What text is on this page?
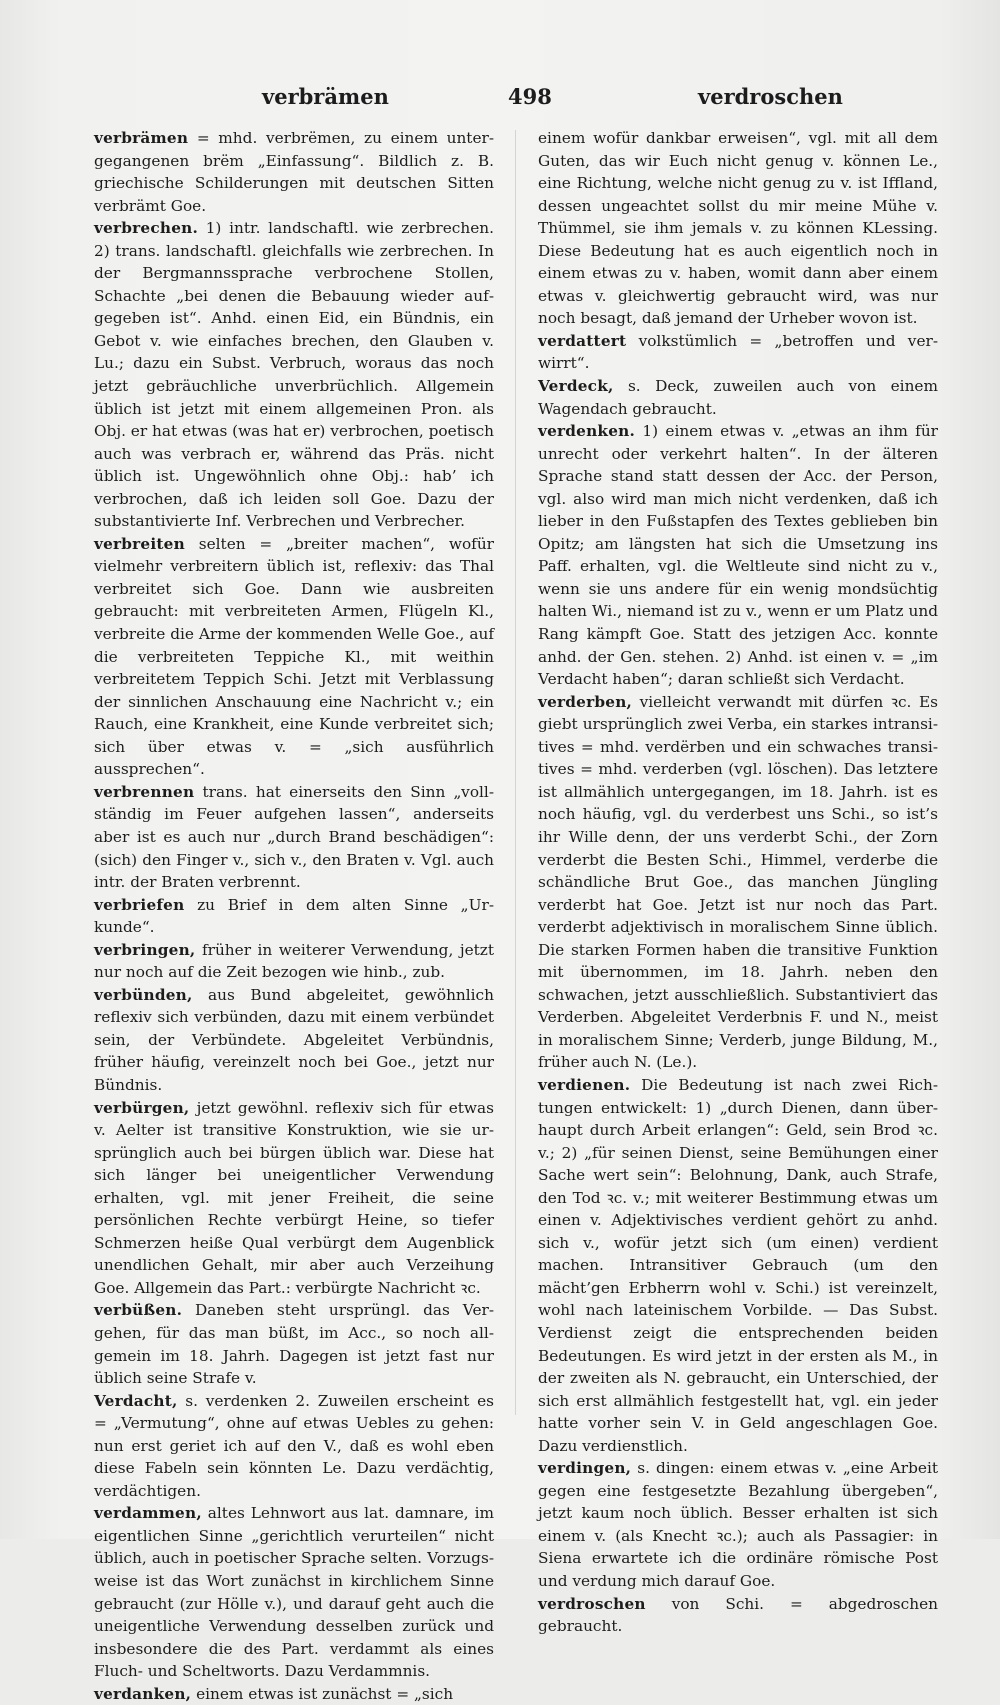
verbrämen	498	verdroschen

verbrämen = mhd. verbrëmen, zu einem untergegangenen brëm „Einfassung“. Bildlich z. B. griechische Schilderungen mit deutschen Sitten verbrämt Goe.

verbrechen. 1) intr. landschaftl. wie zerbrechen. 2) trans. landschaftl. gleichfalls wie zerbrechen. In der Bergmannssprache verbrochene Stollen, Schachte „bei denen die Bebauung wieder aufgegeben ist“. Anhd. einen Eid, ein Bündnis, ein Gebot v. wie einfaches brechen, den Glauben v. Lu.; dazu ein Subst. Verbruch, woraus das noch jetzt gebräuchliche unverbrüchlich. Allgemein üblich ist jetzt mit einem allgemeinen Pron. als Obj. er hat etwas (was hat er) verbrochen, poetisch auch was verbrach er, während das Präs. nicht üblich ist. Ungewöhnlich ohne Obj.: hab’ ich verbrochen, daß ich leiden soll Goe. Dazu der substantivierte Inf. Verbrechen und Verbrecher.

verbreiten selten = „breiter machen“, wofür vielmehr verbreitern üblich ist, reflexiv: das Thal verbreitet sich Goe. Dann wie ausbreiten gebraucht: mit verbreiteten Armen, Flügeln Kl., verbreite die Arme der kommenden Welle Goe., auf die verbreiteten Teppiche Kl., mit weithin verbreitetem Teppich Schi. Jetzt mit Verblassung der sinnlichen Anschauung eine Nachricht v.; ein Rauch, eine Krankheit, eine Kunde verbreitet sich; sich über etwas v. = „sich ausführlich aussprechen“.

verbrennen trans. hat einerseits den Sinn „vollständig im Feuer aufgehen lassen“, anderseits aber ist es auch nur „durch Brand beschädigen“: (sich) den Finger v., sich v., den Braten v. Vgl. auch intr. der Braten verbrennt.

verbriefen zu Brief in dem alten Sinne „Urkunde“.

verbringen, früher in weiterer Verwendung, jetzt nur noch auf die Zeit bezogen wie hinb., zub.

verbünden, aus Bund abgeleitet, gewöhnlich reflexiv sich verbünden, dazu mit einem verbündet sein, der Verbündete. Abgeleitet Verbündnis, früher häufig, vereinzelt noch bei Goe., jetzt nur Bündnis.

verbürgen, jetzt gewöhnl. reflexiv sich für etwas v. Aelter ist transitive Konstruktion, wie sie ursprünglich auch bei bürgen üblich war. Diese hat sich länger bei uneigentlicher Verwendung erhalten, vgl. mit jener Freiheit, die seine persönlichen Rechte verbürgt Heine, so tiefer Schmerzen heiße Qual verbürgt dem Augenblick unendlichen Gehalt, mir aber auch Verzeihung Goe. Allgemein das Part.: verbürgte Nachricht ꝛc.

verbüßen. Daneben steht ursprüngl. das Vergehen, für das man büßt, im Acc., so noch allgemein im 18. Jahrh. Dagegen ist jetzt fast nur üblich seine Strafe v.

Verdacht, s. verdenken 2. Zuweilen erscheint es = „Vermutung“, ohne auf etwas Uebles zu gehen: nun erst geriet ich auf den V., daß es wohl eben diese Fabeln sein könnten Le. Dazu verdächtig, verdächtigen.

verdammen, altes Lehnwort aus lat. damnare, im eigentlichen Sinne „gerichtlich verurteilen“ nicht üblich, auch in poetischer Sprache selten. Vorzugsweise ist das Wort zunächst in kirchlichem Sinne gebraucht (zur Hölle v.), und darauf geht auch die uneigentliche Verwendung desselben zurück und insbesondere die des Part. verdammt als eines Fluch- und Scheltworts. Dazu Verdammnis.

verdanken, einem etwas ist zunächst = „sich

einem wofür dankbar erweisen“, vgl. mit all dem Guten, das wir Euch nicht genug v. können Le., eine Richtung, welche nicht genug zu v. ist Iffland, dessen ungeachtet sollst du mir meine Mühe v. Thümmel, sie ihm jemals v. zu können KLessing. Diese Bedeutung hat es auch eigentlich noch in einem etwas zu v. haben, womit dann aber einem etwas v. gleichwertig gebraucht wird, was nur noch besagt, daß jemand der Urheber wovon ist.

verdattert volkstümlich = „betroffen und verwirrt“.

Verdeck, s. Deck, zuweilen auch von einem Wagendach gebraucht.

verdenken. 1) einem etwas v. „etwas an ihm für unrecht oder verkehrt halten“. In der älteren Sprache stand statt dessen der Acc. der Person, vgl. also wird man mich nicht verdenken, daß ich lieber in den Fußstapfen des Textes geblieben bin Opitz; am längsten hat sich die Umsetzung ins Paff. erhalten, vgl. die Weltleute sind nicht zu v., wenn sie uns andere für ein wenig mondsüchtig halten Wi., niemand ist zu v., wenn er um Platz und Rang kämpft Goe. Statt des jetzigen Acc. konnte anhd. der Gen. stehen. 2) Anhd. ist einen v. = „im Verdacht haben“; daran schließt sich Verdacht.

verderben, vielleicht verwandt mit dürfen ꝛc. Es giebt ursprünglich zwei Verba, ein starkes intransitives = mhd. verdërben und ein schwaches transitives = mhd. verderben (vgl. löschen). Das letztere ist allmählich untergegangen, im 18. Jahrh. ist es noch häufig, vgl. du verderbest uns Schi., so ist’s ihr Wille denn, der uns verderbt Schi., der Zorn verderbt die Besten Schi., Himmel, verderbe die schändliche Brut Goe., das manchen Jüngling verderbt hat Goe. Jetzt ist nur noch das Part. verderbt adjektivisch in moralischem Sinne üblich. Die starken Formen haben die transitive Funktion mit übernommen, im 18. Jahrh. neben den schwachen, jetzt ausschließlich. Substantiviert das Verderben. Abgeleitet Verderbnis F. und N., meist in moralischem Sinne; Verderb, junge Bildung, M., früher auch N. (Le.).

verdienen. Die Bedeutung ist nach zwei Richtungen entwickelt: 1) „durch Dienen, dann überhaupt durch Arbeit erlangen“: Geld, sein Brod ꝛc. v.; 2) „für seinen Dienst, seine Bemühungen einer Sache wert sein“: Belohnung, Dank, auch Strafe, den Tod ꝛc. v.; mit weiterer Bestimmung etwas um einen v. Adjektivisches verdient gehört zu anhd. sich v., wofür jetzt sich (um einen) verdient machen. Intransitiver Gebrauch (um den mächt’gen Erbherrn wohl v. Schi.) ist vereinzelt, wohl nach lateinischem Vorbilde. — Das Subst. Verdienst zeigt die entsprechenden beiden Bedeutungen. Es wird jetzt in der ersten als M., in der zweiten als N. gebraucht, ein Unterschied, der sich erst allmählich festgestellt hat, vgl. ein jeder hatte vorher sein V. in Geld angeschlagen Goe. Dazu verdienstlich.

verdingen, s. dingen: einem etwas v. „eine Arbeit gegen eine festgesetzte Bezahlung übergeben“, jetzt kaum noch üblich. Besser erhalten ist sich einem v. (als Knecht ꝛc.); auch als Passagier: in Siena erwartete ich die ordinäre römische Post und verdung mich darauf Goe.

verdroschen von Schi. = abgedroschen gebraucht.
